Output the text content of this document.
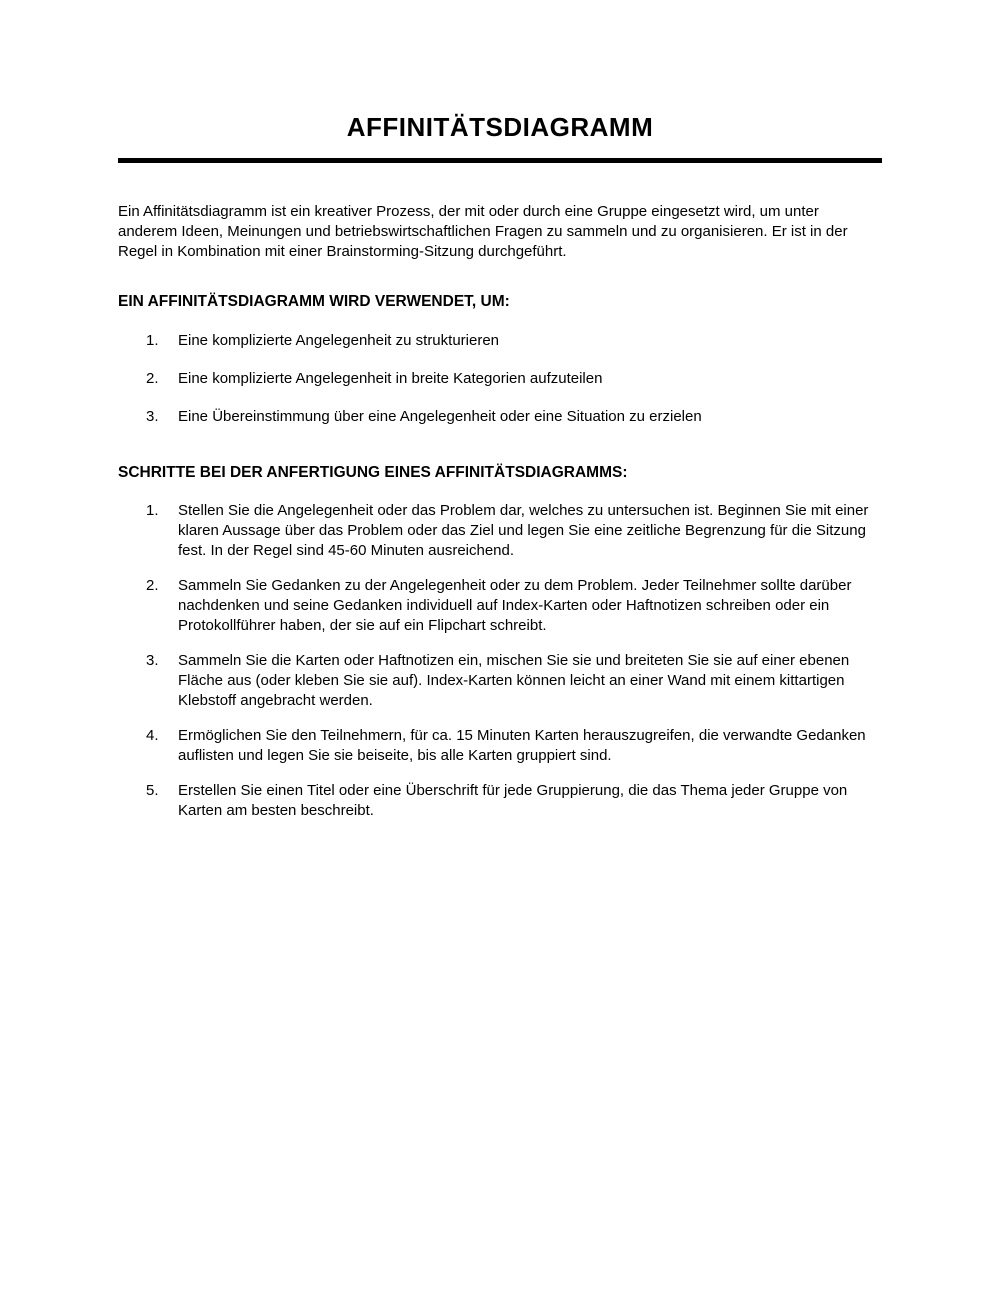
AFFINITÄTSDIAGRAMM

Ein Affinitätsdiagramm ist ein kreativer Prozess, der mit oder durch eine Gruppe eingesetzt wird, um unter anderem Ideen, Meinungen und betriebswirtschaftlichen Fragen zu sammeln und zu organisieren. Er ist in der Regel in Kombination mit einer Brainstorming-Sitzung durchgeführt.

EIN AFFINITÄTSDIAGRAMM WIRD VERWENDET, UM:
Eine komplizierte Angelegenheit zu strukturieren
Eine komplizierte Angelegenheit in breite Kategorien aufzuteilen
Eine Übereinstimmung über eine Angelegenheit oder eine Situation zu erzielen
SCHRITTE BEI DER ANFERTIGUNG EINES AFFINITÄTSDIAGRAMMS:
Stellen Sie die Angelegenheit oder das Problem dar, welches zu untersuchen ist. Beginnen Sie mit einer klaren Aussage über das Problem oder das Ziel und legen Sie eine zeitliche Begrenzung für die Sitzung fest. In der Regel sind 45-60 Minuten ausreichend.
Sammeln Sie Gedanken zu der Angelegenheit oder zu dem Problem. Jeder Teilnehmer sollte darüber nachdenken und seine Gedanken individuell auf Index-Karten oder Haftnotizen schreiben oder ein Protokollführer haben, der sie auf ein Flipchart schreibt.
Sammeln Sie die Karten oder Haftnotizen ein, mischen Sie sie und breiteten Sie sie auf einer ebenen Fläche aus (oder kleben Sie sie auf). Index-Karten können leicht an einer Wand mit einem kittartigen Klebstoff angebracht werden.
Ermöglichen Sie den Teilnehmern, für ca. 15 Minuten Karten herauszugreifen, die verwandte Gedanken auflisten und legen Sie sie beiseite, bis alle Karten gruppiert sind.
Erstellen Sie einen Titel oder eine Überschrift für jede Gruppierung, die das Thema jeder Gruppe von Karten am besten beschreibt.
